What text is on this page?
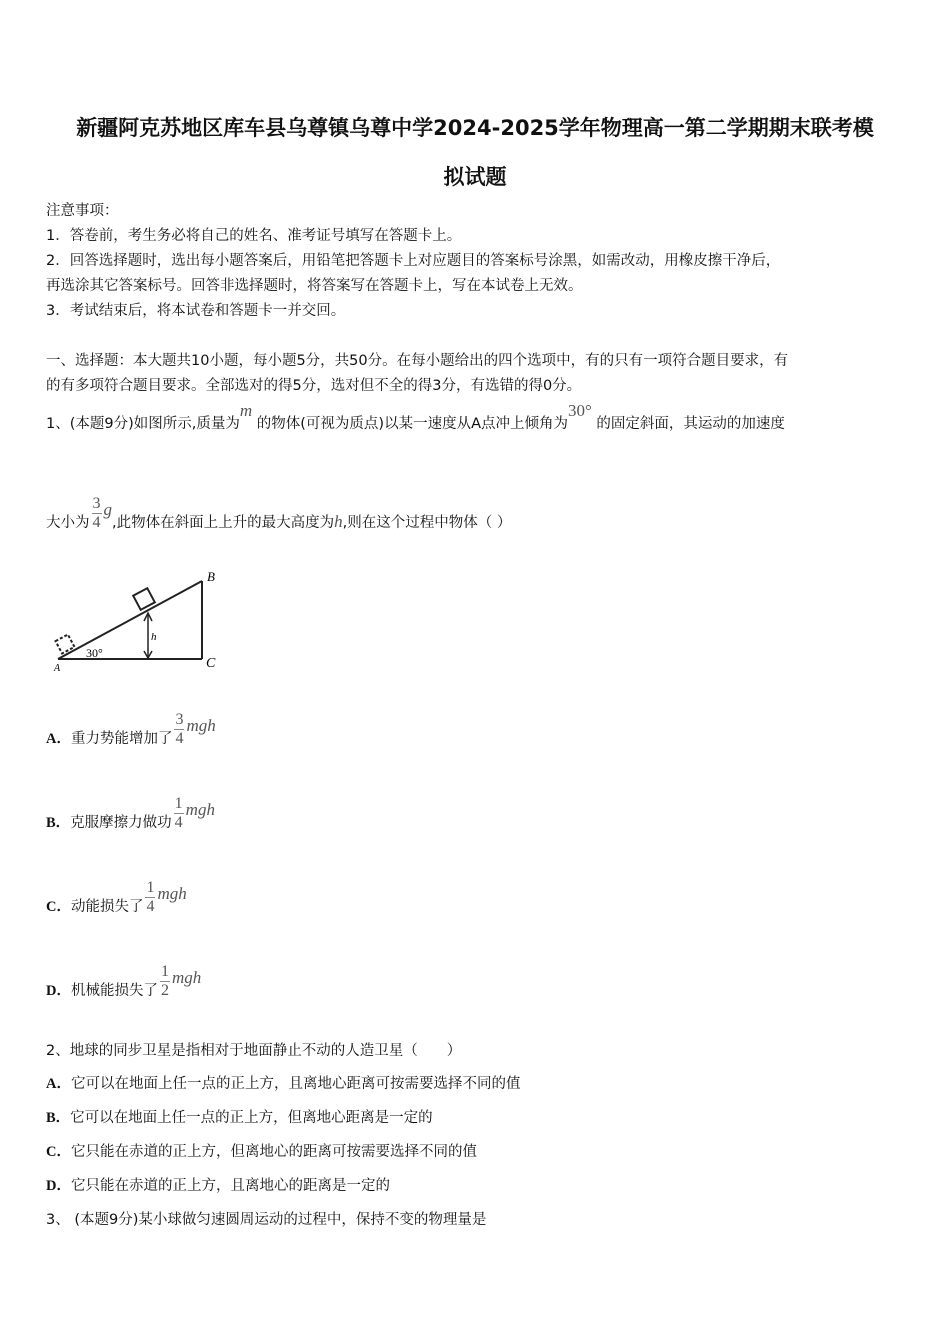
新疆阿克苏地区库车县乌尊镇乌尊中学2024-2025学年物理高一第二学期期末联考模
拟试题
注意事项：
1．答卷前，考生务必将自己的姓名、准考证号填写在答题卡上。
2．回答选择题时，选出每小题答案后，用铅笔把答题卡上对应题目的答案标号涂黑，如需改动，用橡皮擦干净后，
再选涂其它答案标号。回答非选择题时，将答案写在答题卡上，写在本试卷上无效。
3．考试结束后，将本试卷和答题卡一并交回。
一、选择题：本大题共10小题，每小题5分，共50分。在每小题给出的四个选项中，有的只有一项符合题目要求，有
的有多项符合题目要求。全部选对的得5分，选对但不全的得3分，有选错的得0分。
1、(本题9分)如图所示,质量为m 的物体(可视为质点)以某一速度从A点冲上倾角为30° 的固定斜面，其运动的加速度
大小为 $\frac{3}{4} g$,此物体在斜面上上升的最大高度为h,则在这个过程中物体（ ）
B
C
A
30°
h
A．重力势能增加了 $\frac{3}{4}$ mgh
B．克服摩擦力做功 $\frac{1}{4}$ mgh
C．动能损失了 $\frac{1}{4}$ mgh
D．机械能损失了 $\frac{1}{2}$ mgh
2、地球的同步卫星是指相对于地面静止不动的人造卫星（　　）
A．它可以在地面上任一点的正上方，且离地心距离可按需要选择不同的值
B．它可以在地面上任一点的正上方，但离地心距离是一定的
C．它只能在赤道的正上方，但离地心的距离可按需要选择不同的值
D．它只能在赤道的正上方，且离地心的距离是一定的
3、 (本题9分)某小球做匀速圆周运动的过程中，保持不变的物理量是
